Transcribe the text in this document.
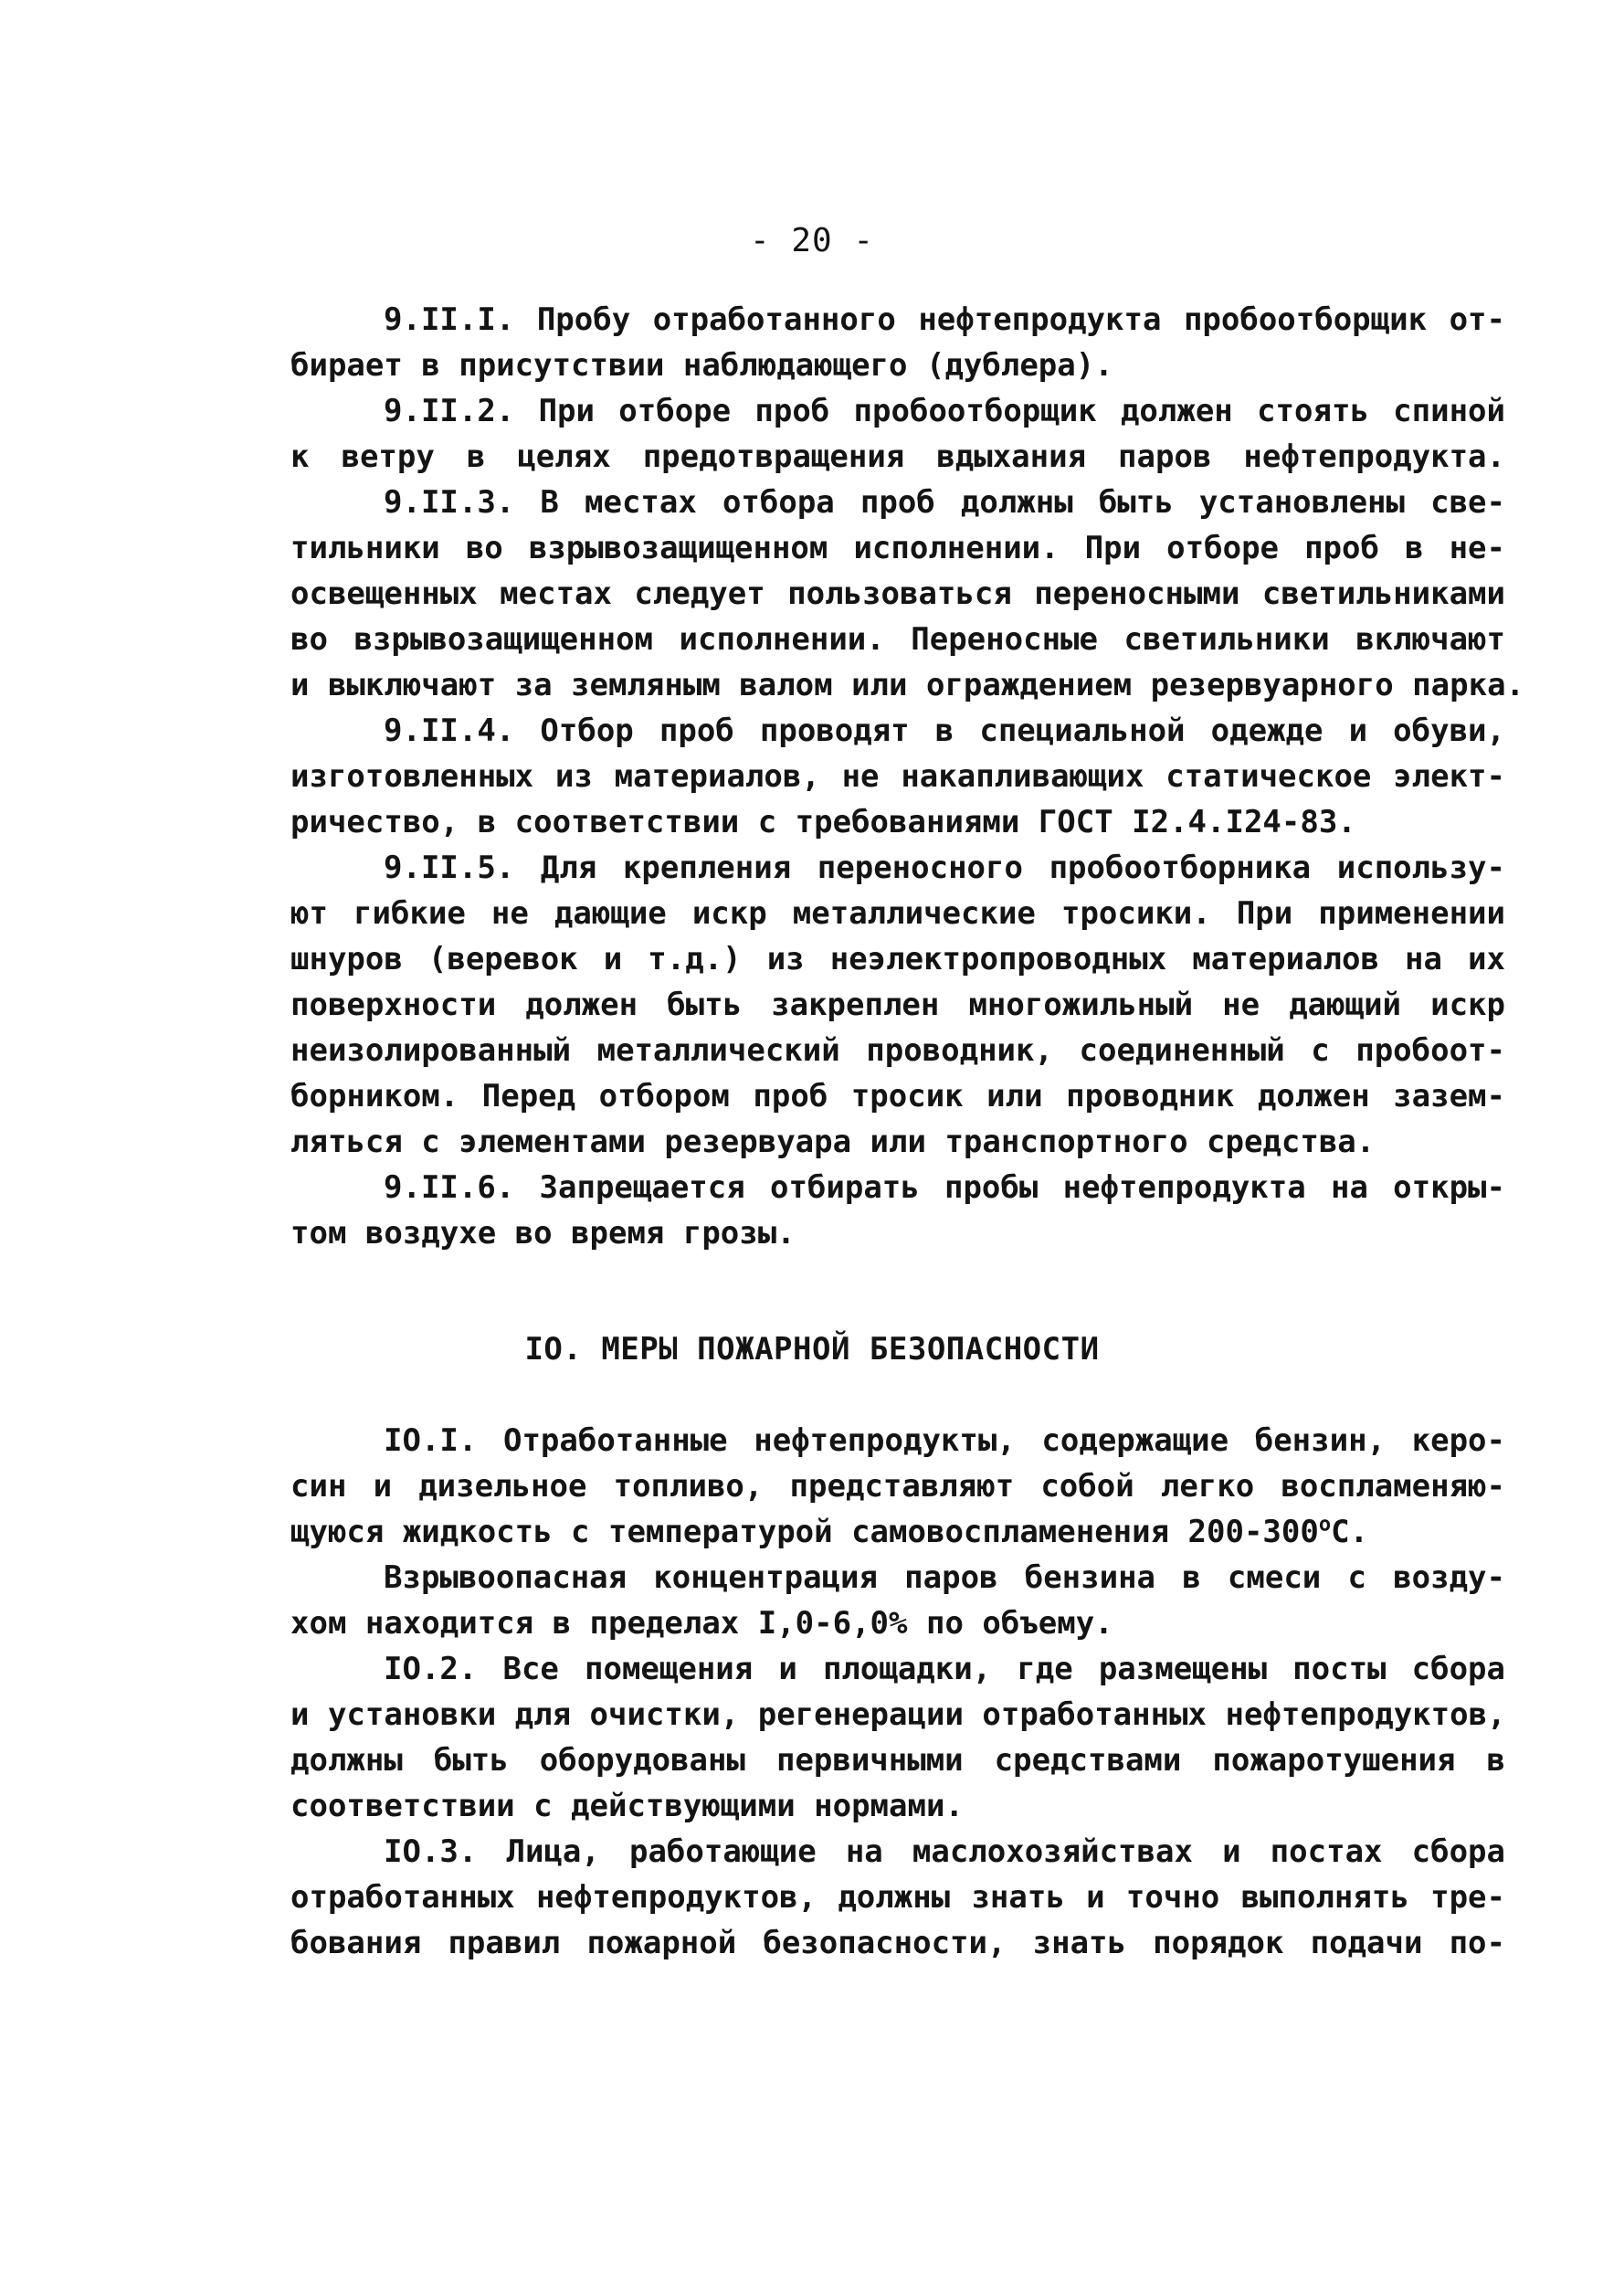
- 20 -
9.II.I. Пробу отработанного нефтепродукта пробоотборщик от-
бирает в присутствии наблюдающего (дублера).
9.II.2. При отборе проб пробоотборщик должен стоять спиной
к ветру в целях предотвращения вдыхания паров нефтепродукта.
9.II.3. В местах отбора проб должны быть установлены све-
тильники во взрывозащищенном исполнении. При отборе проб в не-
освещенных местах следует пользоваться переносными светильниками
во взрывозащищенном исполнении. Переносные светильники включают
и выключают за земляным валом или ограждением резервуарного парка.
9.II.4. Отбор проб проводят в специальной одежде и обуви,
изготовленных из материалов, не накапливающих статическое элект-
ричество, в соответствии с требованиями ГОСТ I2.4.I24-83.
9.II.5. Для крепления переносного пробоотборника использу-
ют гибкие не дающие искр металлические тросики. При применении
шнуров (веревок и т.д.) из неэлектропроводных материалов на их
поверхности должен быть закреплен многожильный не дающий искр
неизолированный металлический проводник, соединенный с пробоот-
борником. Перед отбором проб тросик или проводник должен зазем-
ляться с элементами резервуара или транспортного средства.
9.II.6. Запрещается отбирать пробы нефтепродукта на откры-
том воздухе во время грозы.
IO. МЕРЫ ПОЖАРНОЙ БЕЗОПАСНОСТИ
IO.I. Отработанные нефтепродукты, содержащие бензин, керо-
син и дизельное топливо, представляют собой легко воспламеняю-
щуюся жидкость с температурой самовоспламенения 200-300$^o$C.
Взрывоопасная концентрация паров бензина в смеси с возду-
хом находится в пределах I,0-6,0% по объему.
IO.2. Все помещения и площадки, где размещены посты сбора
и установки для очистки, регенерации отработанных нефтепродуктов,
должны быть оборудованы первичными средствами пожаротушения в
соответствии с действующими нормами.
IO.3. Лица, работающие на маслохозяйствах и постах сбора
отработанных нефтепродуктов, должны знать и точно выполнять тре-
бования правил пожарной безопасности, знать порядок подачи по-
